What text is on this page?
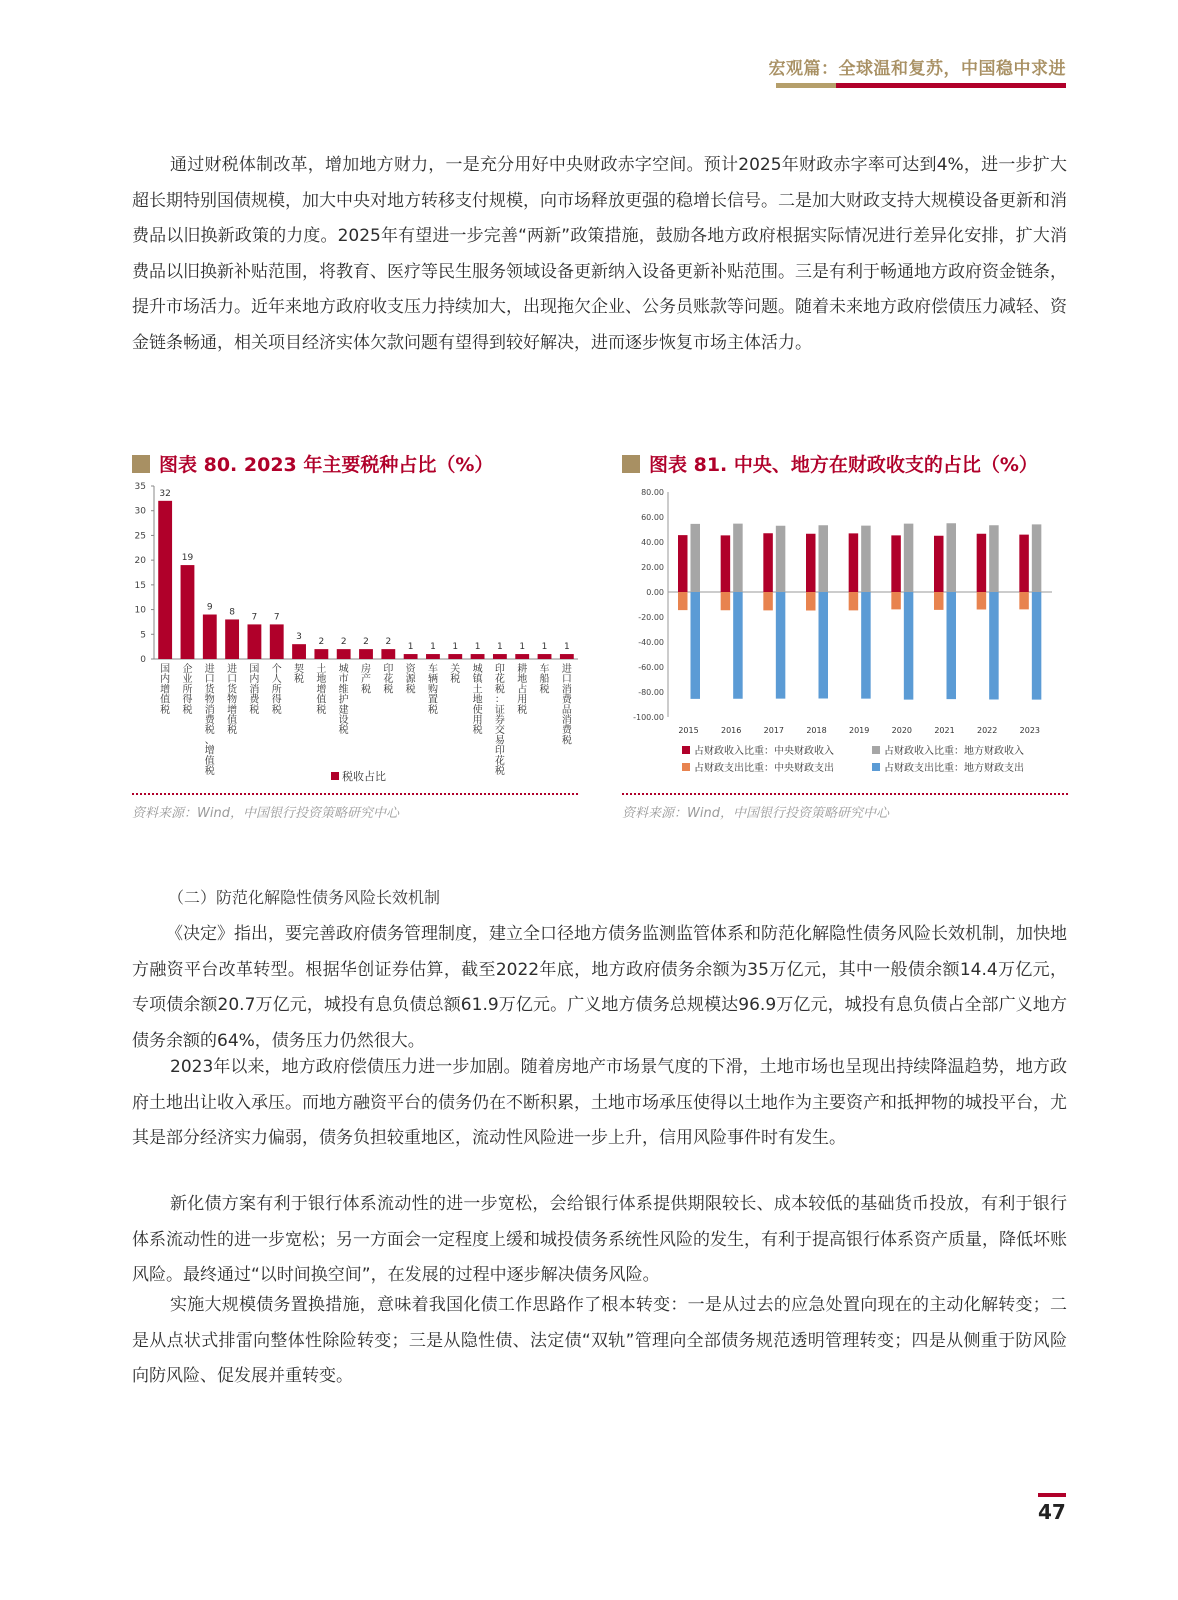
宏观篇：全球温和复苏，中国稳中求进

通过财税体制改革，增加地方财力，一是充分用好中央财政赤字空间。预计2025年财政赤字率可达到4%，进一步扩大超长期特别国债规模，加大中央对地方转移支付规模，向市场释放更强的稳增长信号。二是加大财政支持大规模设备更新和消费品以旧换新政策的力度。2025年有望进一步完善“两新”政策措施，鼓励各地方政府根据实际情况进行差异化安排，扩大消费品以旧换新补贴范围，将教育、医疗等民生服务领域设备更新纳入设备更新补贴范围。三是有利于畅通地方政府资金链条，提升市场活力。近年来地方政府收支压力持续加大，出现拖欠企业、公务员账款等问题。随着未来地方政府偿债压力减轻、资金链条畅通，相关项目经济实体欠款问题有望得到较好解决，进而逐步恢复市场主体活力。

图表 80. 2023 年主要税种占比（%）
0
5
10
15
20
25
30
35
32
国
内
增
值
税
19
企
业
所
得
税
9
进
口
货
物
消
费
税
、
增
值
税
8
进
口
货
物
增
值
税
7
国
内
消
费
税
7
个
人
所
得
税
3
契
税
2
土
地
增
值
税
2
城
市
维
护
建
设
税
2
房
产
税
2
印
花
税
1
资
源
税
1
车
辆
购
置
税
1
关
税
1
城
镇
土
地
使
用
税
1
印
花
税
：
证
券
交
易
印
花
税
1
耕
地
占
用
税
1
车
船
税
1
进
口
消
费
品
消
费
税
税收占比
资料来源：Wind，中国银行投资策略研究中心
图表 81. 中央、地方在财政收支的占比（%）
80.00
60.00
40.00
20.00
0.00
-20.00
-40.00
-60.00
-80.00
-100.00
2015	2016	2017	2018	2019	2020	2021	2022	2023
占财政收入比重：中央财政收入	占财政收入比重：地方财政收入
占财政支出比重：中央财政支出	占财政支出比重：地方财政支出
资料来源：Wind，中国银行投资策略研究中心

（二）防范化解隐性债务风险长效机制

《决定》指出，要完善政府债务管理制度，建立全口径地方债务监测监管体系和防范化解隐性债务风险长效机制，加快地方融资平台改革转型。根据华创证券估算，截至2022年底，地方政府债务余额为35万亿元，其中一般债余额14.4万亿元，专项债余额20.7万亿元，城投有息负债总额61.9万亿元。广义地方债务总规模达96.9万亿元，城投有息负债占全部广义地方债务余额的64%，债务压力仍然很大。

2023年以来，地方政府偿债压力进一步加剧。随着房地产市场景气度的下滑，土地市场也呈现出持续降温趋势，地方政府土地出让收入承压。而地方融资平台的债务仍在不断积累，土地市场承压使得以土地作为主要资产和抵押物的城投平台，尤其是部分经济实力偏弱，债务负担较重地区，流动性风险进一步上升，信用风险事件时有发生。

新化债方案有利于银行体系流动性的进一步宽松，会给银行体系提供期限较长、成本较低的基础货币投放，有利于银行体系流动性的进一步宽松；另一方面会一定程度上缓和城投债务系统性风险的发生，有利于提高银行体系资产质量，降低坏账风险。最终通过“以时间换空间”，在发展的过程中逐步解决债务风险。

实施大规模债务置换措施，意味着我国化债工作思路作了根本转变：一是从过去的应急处置向现在的主动化解转变；二是从点状式排雷向整体性除险转变；三是从隐性债、法定债“双轨”管理向全部债务规范透明管理转变；四是从侧重于防风险向防风险、促发展并重转变。

47
